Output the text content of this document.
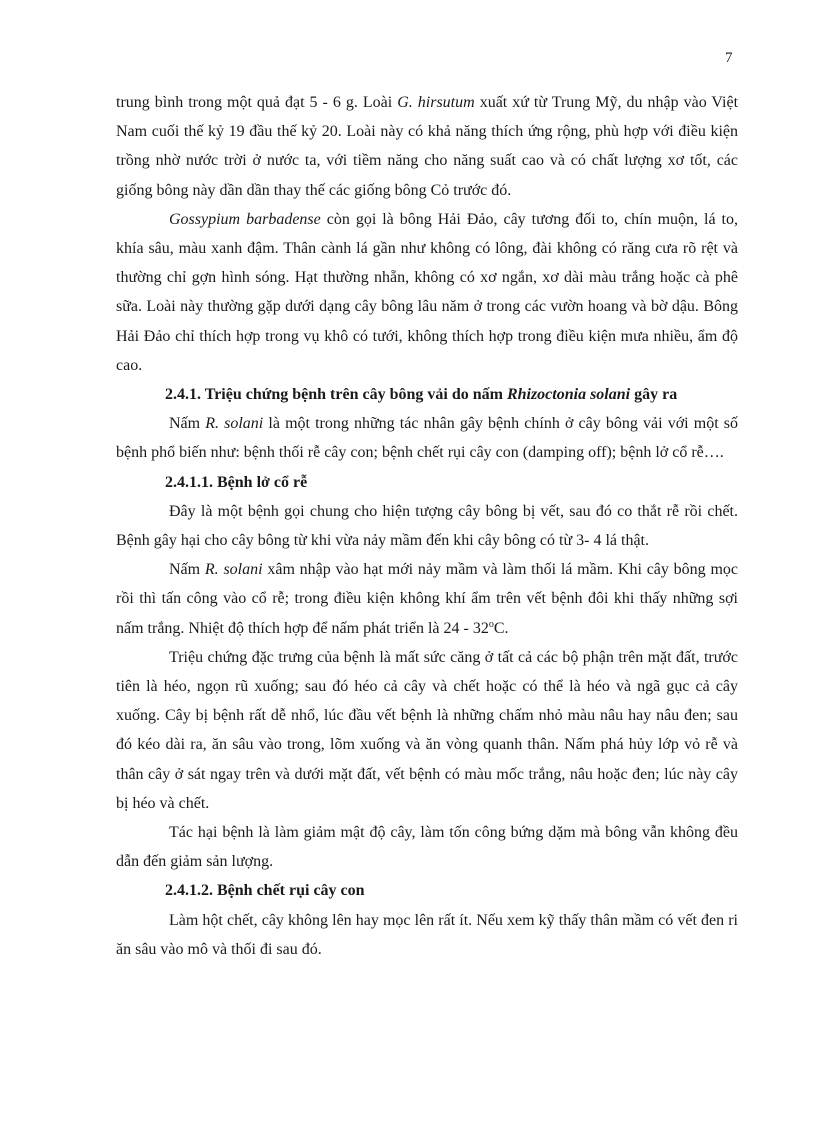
7

trung bình trong một quả đạt 5 - 6 g. Loài G. hirsutum xuất xứ từ Trung Mỹ, du nhập vào Việt Nam cuối thế kỷ 19 đầu thế kỷ 20. Loài này có khả năng thích ứng rộng, phù hợp với điều kiện trồng nhờ nước trời ở nước ta, với tiềm năng cho năng suất cao và có chất lượng xơ tốt, các giống bông này dần dần thay thế các giống bông Cỏ trước đó.

Gossypium barbadense còn gọi là bông Hải Đảo, cây tương đối to, chín muộn, lá to, khía sâu, màu xanh đậm. Thân cành lá gần như không có lông, đài không có răng cưa rõ rệt và thường chỉ gợn hình sóng. Hạt thường nhẵn, không có xơ ngắn, xơ dài màu trắng hoặc cà phê sữa. Loài này thường gặp dưới dạng cây bông lâu năm ở trong các vườn hoang và bờ dậu. Bông Hải Đảo chỉ thích hợp trong vụ khô có tưới, không thích hợp trong điều kiện mưa nhiều, ẩm độ cao.

2.4.1. Triệu chứng bệnh trên cây bông vải do nấm Rhizoctonia solani gây ra

Nấm R. solani là một trong những tác nhân gây bệnh chính ở cây bông vải với một số bệnh phổ biến như: bệnh thối rễ cây con; bệnh chết rụi cây con (damping off); bệnh lở cổ rễ….

2.4.1.1. Bệnh lở cổ rễ

Đây là một bệnh gọi chung cho hiện tượng cây bông bị vết, sau đó co thắt rễ rồi chết. Bệnh gây hại cho cây bông từ khi vừa nảy mầm đến khi cây bông có từ 3- 4 lá thật.

Nấm R. solani xâm nhập vào hạt mới nảy mầm và làm thối lá mầm. Khi cây bông mọc rồi thì tấn công vào cổ rễ; trong điều kiện không khí ẩm trên vết bệnh đôi khi thấy những sợi nấm trắng. Nhiệt độ thích hợp để nấm phát triển là 24 - 32$^o$C.

Triệu chứng đặc trưng của bệnh là mất sức căng ở tất cả các bộ phận trên mặt đất, trước tiên là héo, ngọn rũ xuống; sau đó héo cả cây và chết hoặc có thể là héo và ngã gục cả cây xuống. Cây bị bệnh rất dễ nhổ, lúc đầu vết bệnh là những chấm nhỏ màu nâu hay nâu đen; sau đó kéo dài ra, ăn sâu vào trong, lõm xuống và ăn vòng quanh thân. Nấm phá hủy lớp vỏ rễ và thân cây ở sát ngay trên và dưới mặt đất, vết bệnh có màu mốc trắng, nâu hoặc đen; lúc này cây bị héo và chết.

Tác hại bệnh là làm giảm mật độ cây, làm tốn công bứng dặm mà bông vẫn không đều dẫn đến giảm sản lượng.

2.4.1.2. Bệnh chết rụi cây con

Làm hột chết, cây không lên hay mọc lên rất ít. Nếu xem kỹ thấy thân mầm có vết đen ri ăn sâu vào mô và thối đi sau đó.
